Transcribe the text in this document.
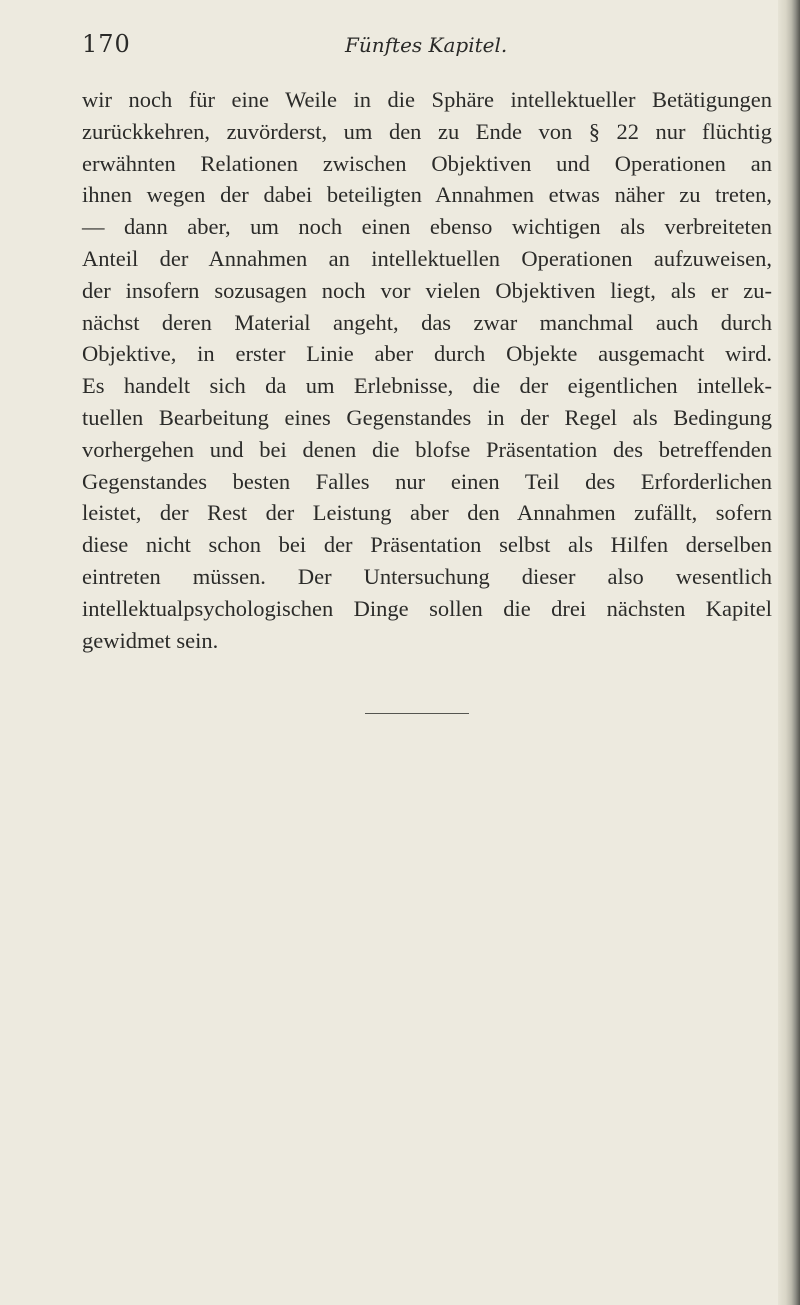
170	Fünftes Kapitel.
wir noch für eine Weile in die Sphäre intellektueller Betätigungen
zurückkehren, zuvörderst, um den zu Ende von § 22 nur flüchtig
erwähnten Relationen zwischen Objektiven und Operationen an
ihnen wegen der dabei beteiligten Annahmen etwas näher zu treten,
— dann aber, um noch einen ebenso wichtigen als verbreiteten
Anteil der Annahmen an intellektuellen Operationen aufzuweisen,
der insofern sozusagen noch vor vielen Objektiven liegt, als er zu-
nächst deren Material angeht, das zwar manchmal auch durch
Objektive, in erster Linie aber durch Objekte ausgemacht wird.
Es handelt sich da um Erlebnisse, die der eigentlichen intellek-
tuellen Bearbeitung eines Gegenstandes in der Regel als Bedingung
vorhergehen und bei denen die blofse Präsentation des betreffenden
Gegenstandes besten Falles nur einen Teil des Erforderlichen
leistet, der Rest der Leistung aber den Annahmen zufällt, sofern
diese nicht schon bei der Präsentation selbst als Hilfen derselben
eintreten müssen. Der Untersuchung dieser also wesentlich
intellektualpsychologischen Dinge sollen die drei nächsten Kapitel
gewidmet sein.
